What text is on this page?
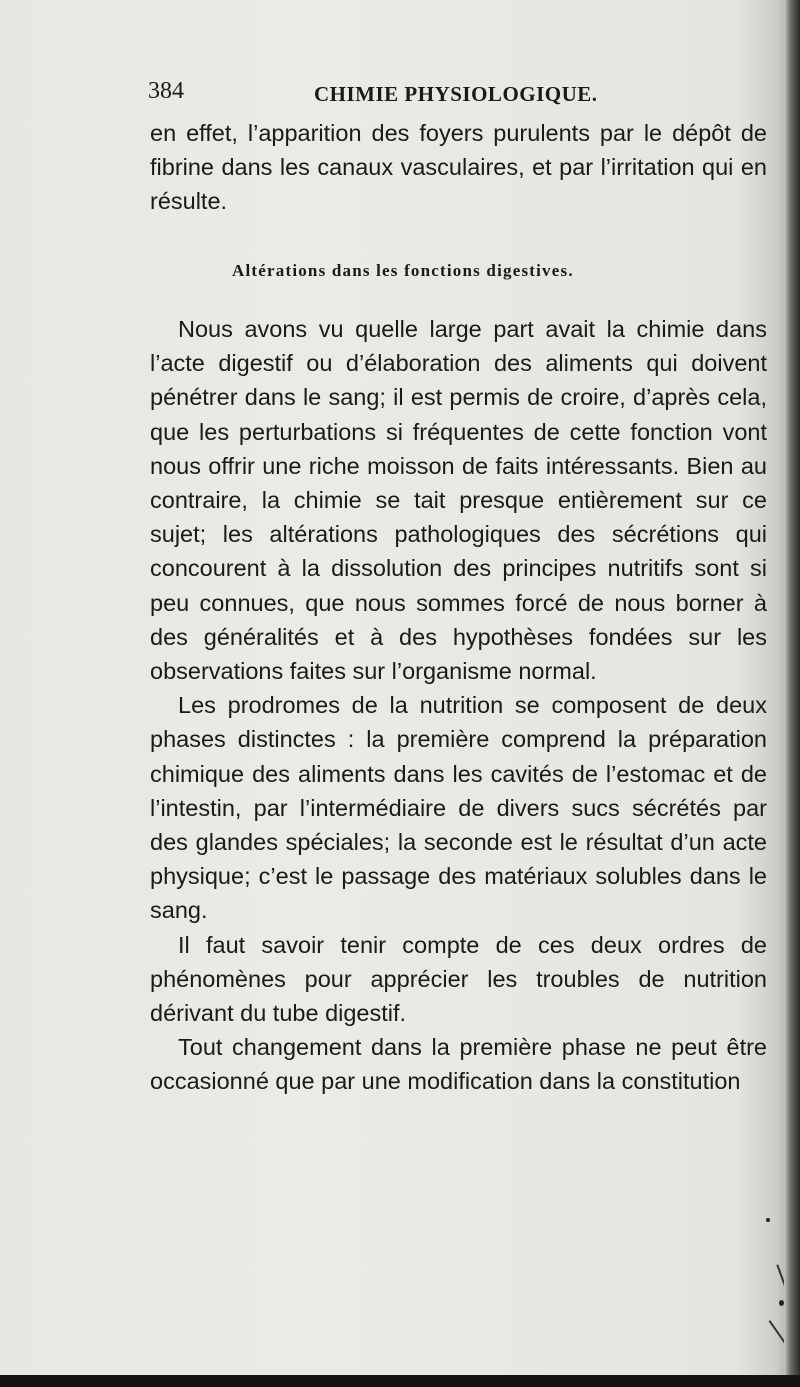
384	CHIMIE PHYSIOLOGIQUE.

en effet, l’apparition des foyers purulents par le dépôt de fibrine dans les canaux vasculaires, et par l’irritation qui en résulte.

Altérations dans les fonctions digestives.

Nous avons vu quelle large part avait la chimie dans l’acte digestif ou d’élaboration des aliments qui doivent pénétrer dans le sang; il est permis de croire, d’après cela, que les perturbations si fréquentes de cette fonction vont nous offrir une riche moisson de faits intéressants. Bien au contraire, la chimie se tait presque entièrement sur ce sujet; les altérations pathologiques des sécrétions qui concourent à la dissolution des principes nutritifs sont si peu connues, que nous sommes forcé de nous borner à des généralités et à des hypothèses fondées sur les observations faites sur l’organisme normal.

Les prodromes de la nutrition se composent de deux phases distinctes : la première comprend la préparation chimique des aliments dans les cavités de l’estomac et de l’intestin, par l’intermédiaire de divers sucs sécrétés par des glandes spéciales; la seconde est le résultat d’un acte physique; c’est le passage des matériaux solubles dans le sang.

Il faut savoir tenir compte de ces deux ordres de phénomènes pour apprécier les troubles de nutrition dérivant du tube digestif.

Tout changement dans la première phase ne peut être occasionné que par une modification dans la constitution
